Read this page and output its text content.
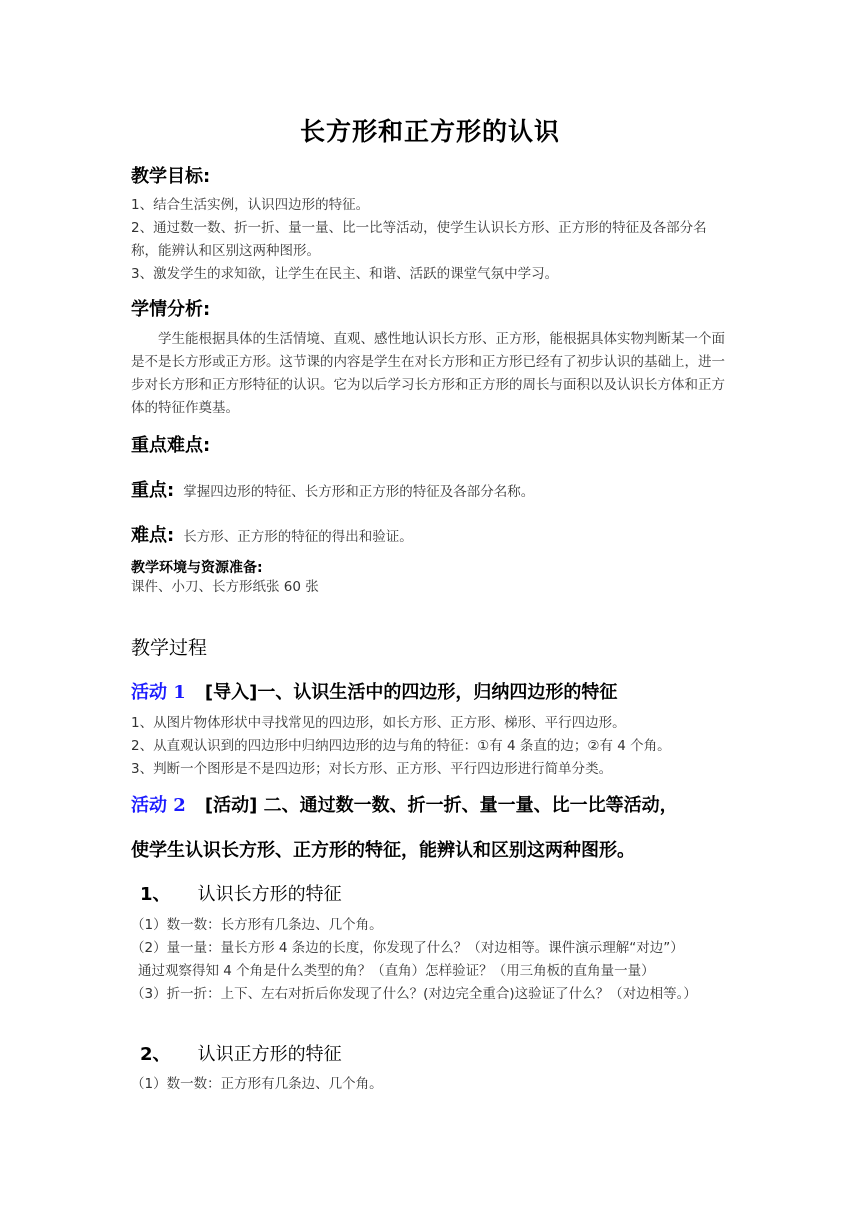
长方形和正方形的认识
教学目标:
1、结合生活实例，认识四边形的特征。
2、通过数一数、折一折、量一量、比一比等活动，使学生认识长方形、正方形的特征及各部分名称，能辨认和区别这两种图形。
3、激发学生的求知欲，让学生在民主、和谐、活跃的课堂气氛中学习。
学情分析:
学生能根据具体的生活情境、直观、感性地认识长方形、正方形，能根据具体实物判断某一个面是不是长方形或正方形。这节课的内容是学生在对长方形和正方形已经有了初步认识的基础上，进一步对长方形和正方形特征的认识。它为以后学习长方形和正方形的周长与面积以及认识长方体和正方体的特征作奠基。
重点难点:
重点: 掌握四边形的特征、长方形和正方形的特征及各部分名称。
难点: 长方形、正方形的特征的得出和验证。
教学环境与资源准备:
课件、小刀、长方形纸张 60 张
教学过程
活动 1 [导入]一、认识生活中的四边形，归纳四边形的特征
1、从图片物体形状中寻找常见的四边形，如长方形、正方形、梯形、平行四边形。
2、从直观认识到的四边形中归纳四边形的边与角的特征：①有 4 条直的边；②有 4 个角。
3、判断一个图形是不是四边形；对长方形、正方形、平行四边形进行简单分类。
活动 2 [活动] 二、通过数一数、折一折、量一量、比一比等活动，
使学生认识长方形、正方形的特征，能辨认和区别这两种图形。
1、 认识长方形的特征
（1）数一数：长方形有几条边、几个角。
（2）量一量：量长方形 4 条边的长度，你发现了什么？（对边相等。课件演示理解“对边”）
通过观察得知 4 个角是什么类型的角？（直角）怎样验证？（用三角板的直角量一量）
（3）折一折：上下、左右对折后你发现了什么？(对边完全重合)这验证了什么？（对边相等。）
2、 认识正方形的特征
（1）数一数：正方形有几条边、几个角。
